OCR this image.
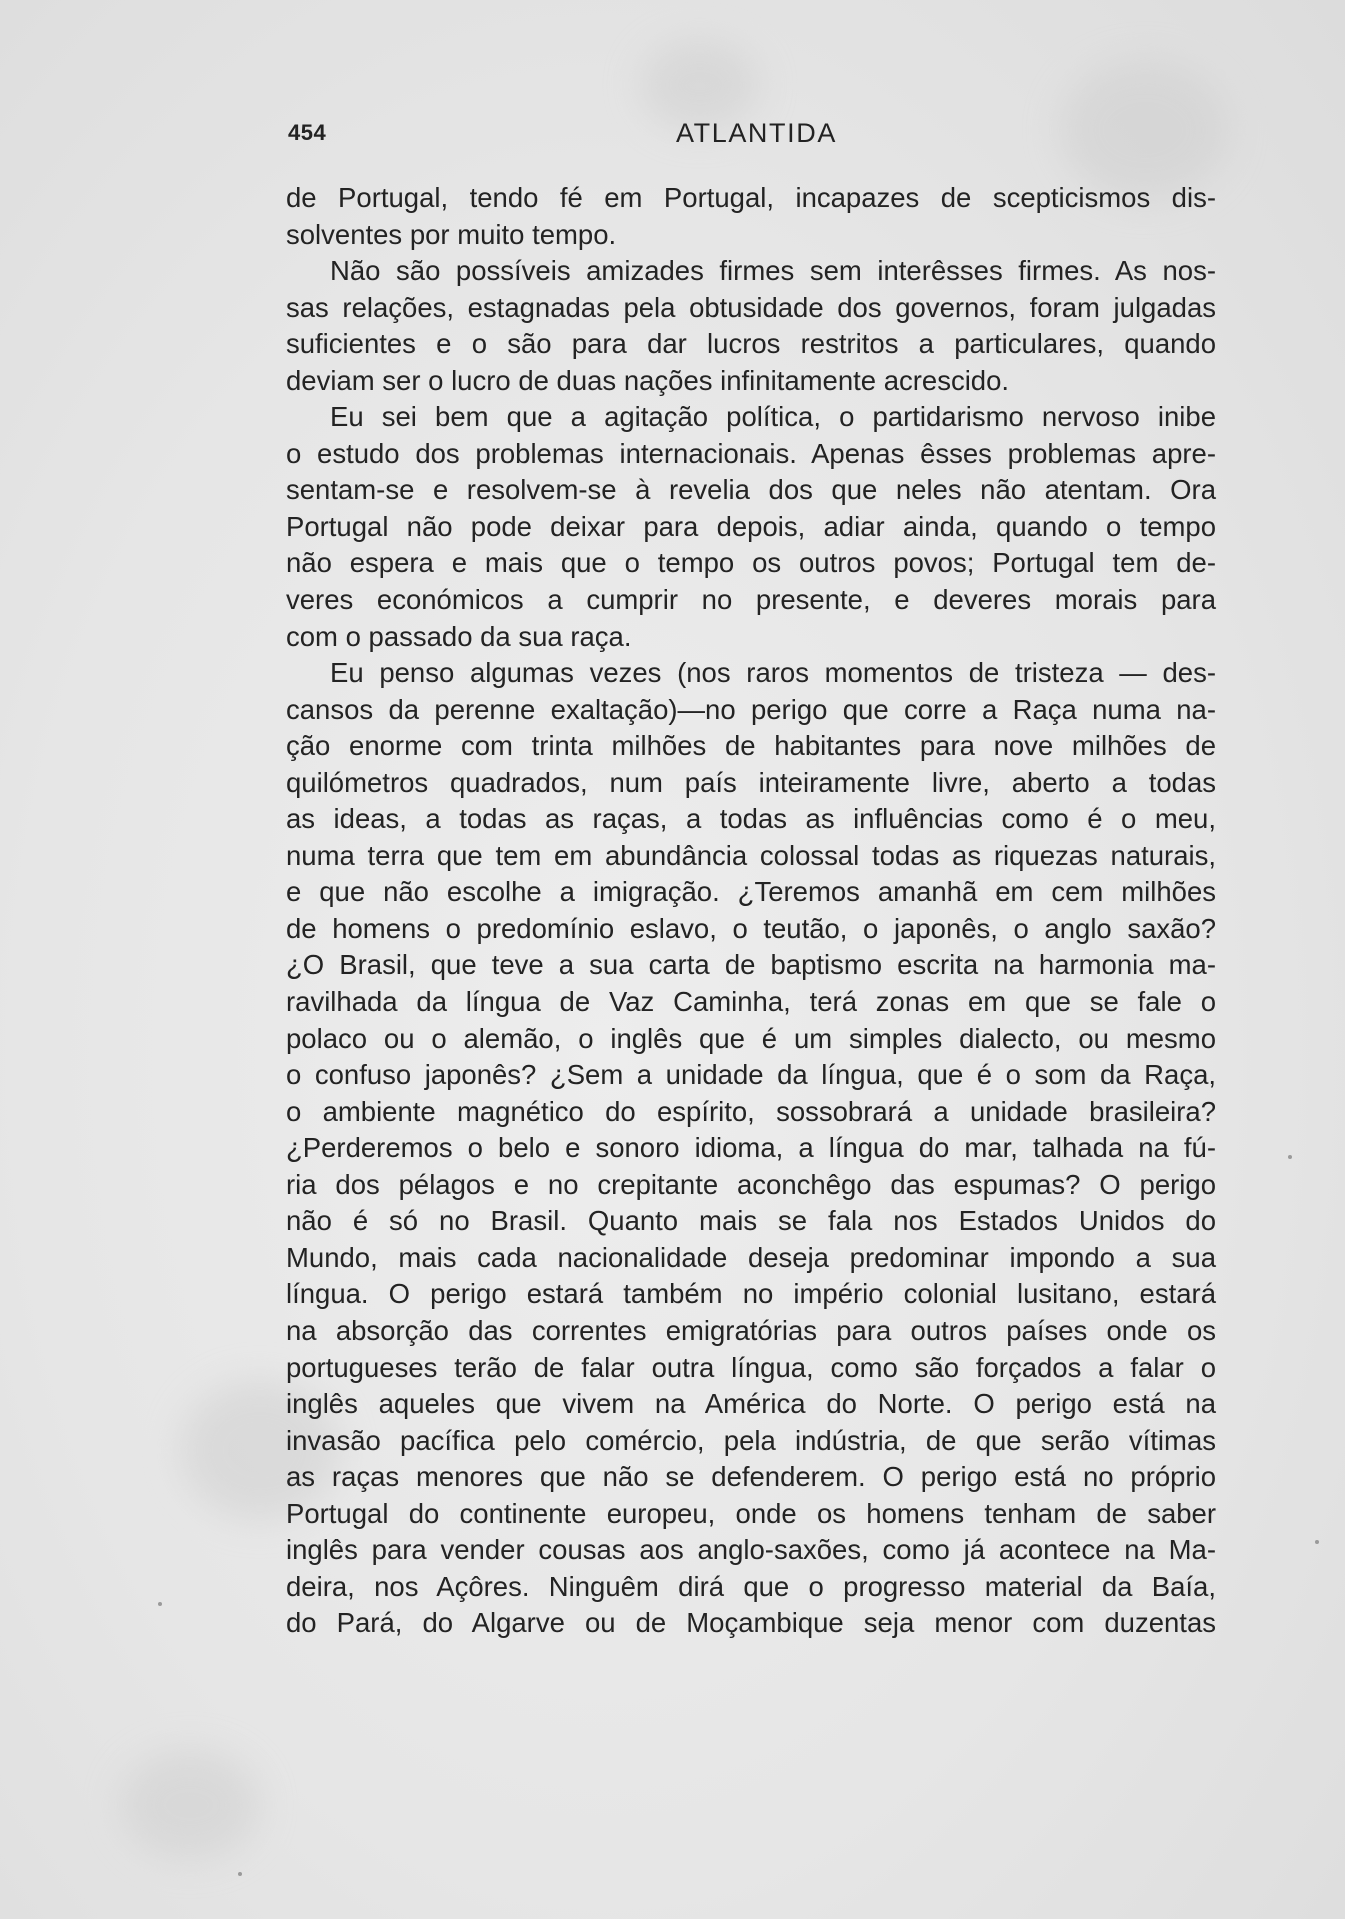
454	ATLANTIDA
de Portugal, tendo fé em Portugal, incapazes de scepticismos dis-
solventes por muito tempo.
Não são possíveis amizades firmes sem interêsses firmes. As nos-
sas relações, estagnadas pela obtusidade dos governos, foram julgadas
suficientes e o são para dar lucros restritos a particulares, quando
deviam ser o lucro de duas nações infinitamente acrescido.
Eu sei bem que a agitação política, o partidarismo nervoso inibe
o estudo dos problemas internacionais. Apenas êsses problemas apre-
sentam-se e resolvem-se à revelia dos que neles não atentam. Ora
Portugal não pode deixar para depois, adiar ainda, quando o tempo
não espera e mais que o tempo os outros povos; Portugal tem de-
veres económicos a cumprir no presente, e deveres morais para
com o passado da sua raça.
Eu penso algumas vezes (nos raros momentos de tristeza — des-
cansos da perenne exaltação)—no perigo que corre a Raça numa na-
ção enorme com trinta milhões de habitantes para nove milhões de
quilómetros quadrados, num país inteiramente livre, aberto a todas
as ideas, a todas as raças, a todas as influências como é o meu,
numa terra que tem em abundância colossal todas as riquezas naturais,
e que não escolhe a imigração. ¿Teremos amanhã em cem milhões
de homens o predomínio eslavo, o teutão, o japonês, o anglo saxão?
¿O Brasil, que teve a sua carta de baptismo escrita na harmonia ma-
ravilhada da língua de Vaz Caminha, terá zonas em que se fale o
polaco ou o alemão, o inglês que é um simples dialecto, ou mesmo
o confuso japonês? ¿Sem a unidade da língua, que é o som da Raça,
o ambiente magnético do espírito, sossobrará a unidade brasileira?
¿Perderemos o belo e sonoro idioma, a língua do mar, talhada na fú-
ria dos pélagos e no crepitante aconchêgo das espumas? O perigo
não é só no Brasil. Quanto mais se fala nos Estados Unidos do
Mundo, mais cada nacionalidade deseja predominar impondo a sua
língua. O perigo estará também no império colonial lusitano, estará
na absorção das correntes emigratórias para outros países onde os
portugueses terão de falar outra língua, como são forçados a falar o
inglês aqueles que vivem na América do Norte. O perigo está na
invasão pacífica pelo comércio, pela indústria, de que serão vítimas
as raças menores que não se defenderem. O perigo está no próprio
Portugal do continente europeu, onde os homens tenham de saber
inglês para vender cousas aos anglo-saxões, como já acontece na Ma-
deira, nos Açôres. Ninguêm dirá que o progresso material da Baía,
do Pará, do Algarve ou de Moçambique seja menor com duzentas
